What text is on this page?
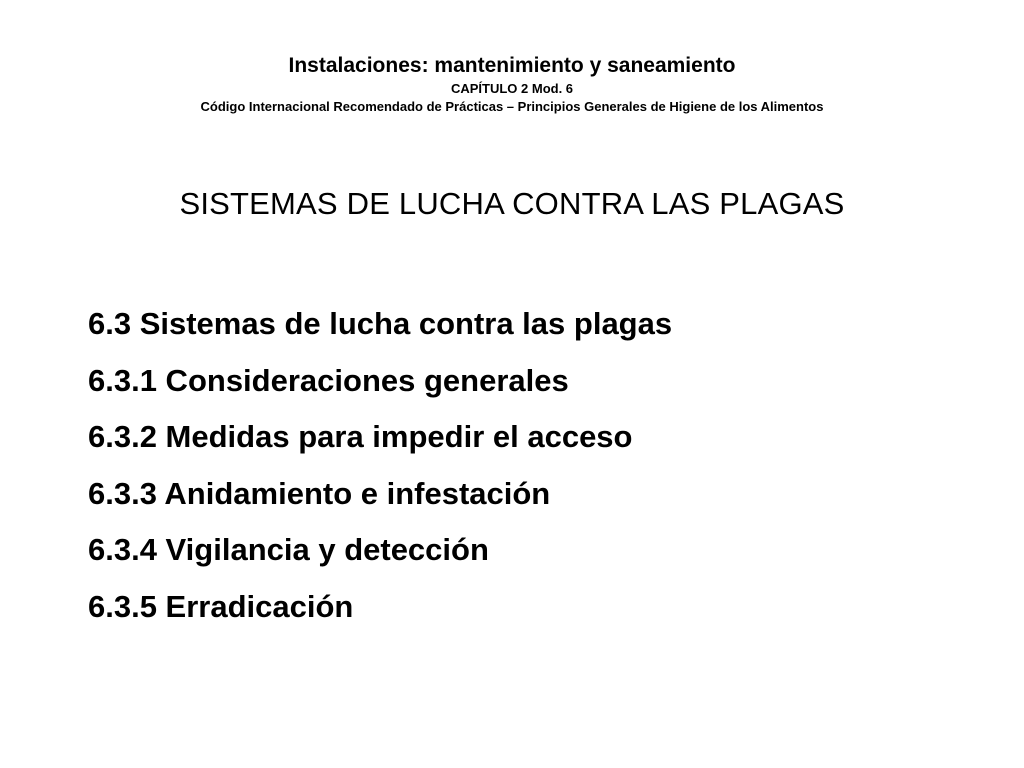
Instalaciones: mantenimiento y saneamiento

CAPÍTULO 2 Mod. 6

Código Internacional Recomendado de Prácticas – Principios Generales de Higiene de los Alimentos

SISTEMAS DE LUCHA CONTRA LAS PLAGAS
6.3 Sistemas de lucha contra las plagas
6.3.1 Consideraciones generales
6.3.2 Medidas para impedir el acceso
6.3.3 Anidamiento e infestación
6.3.4 Vigilancia y detección
6.3.5 Erradicación
